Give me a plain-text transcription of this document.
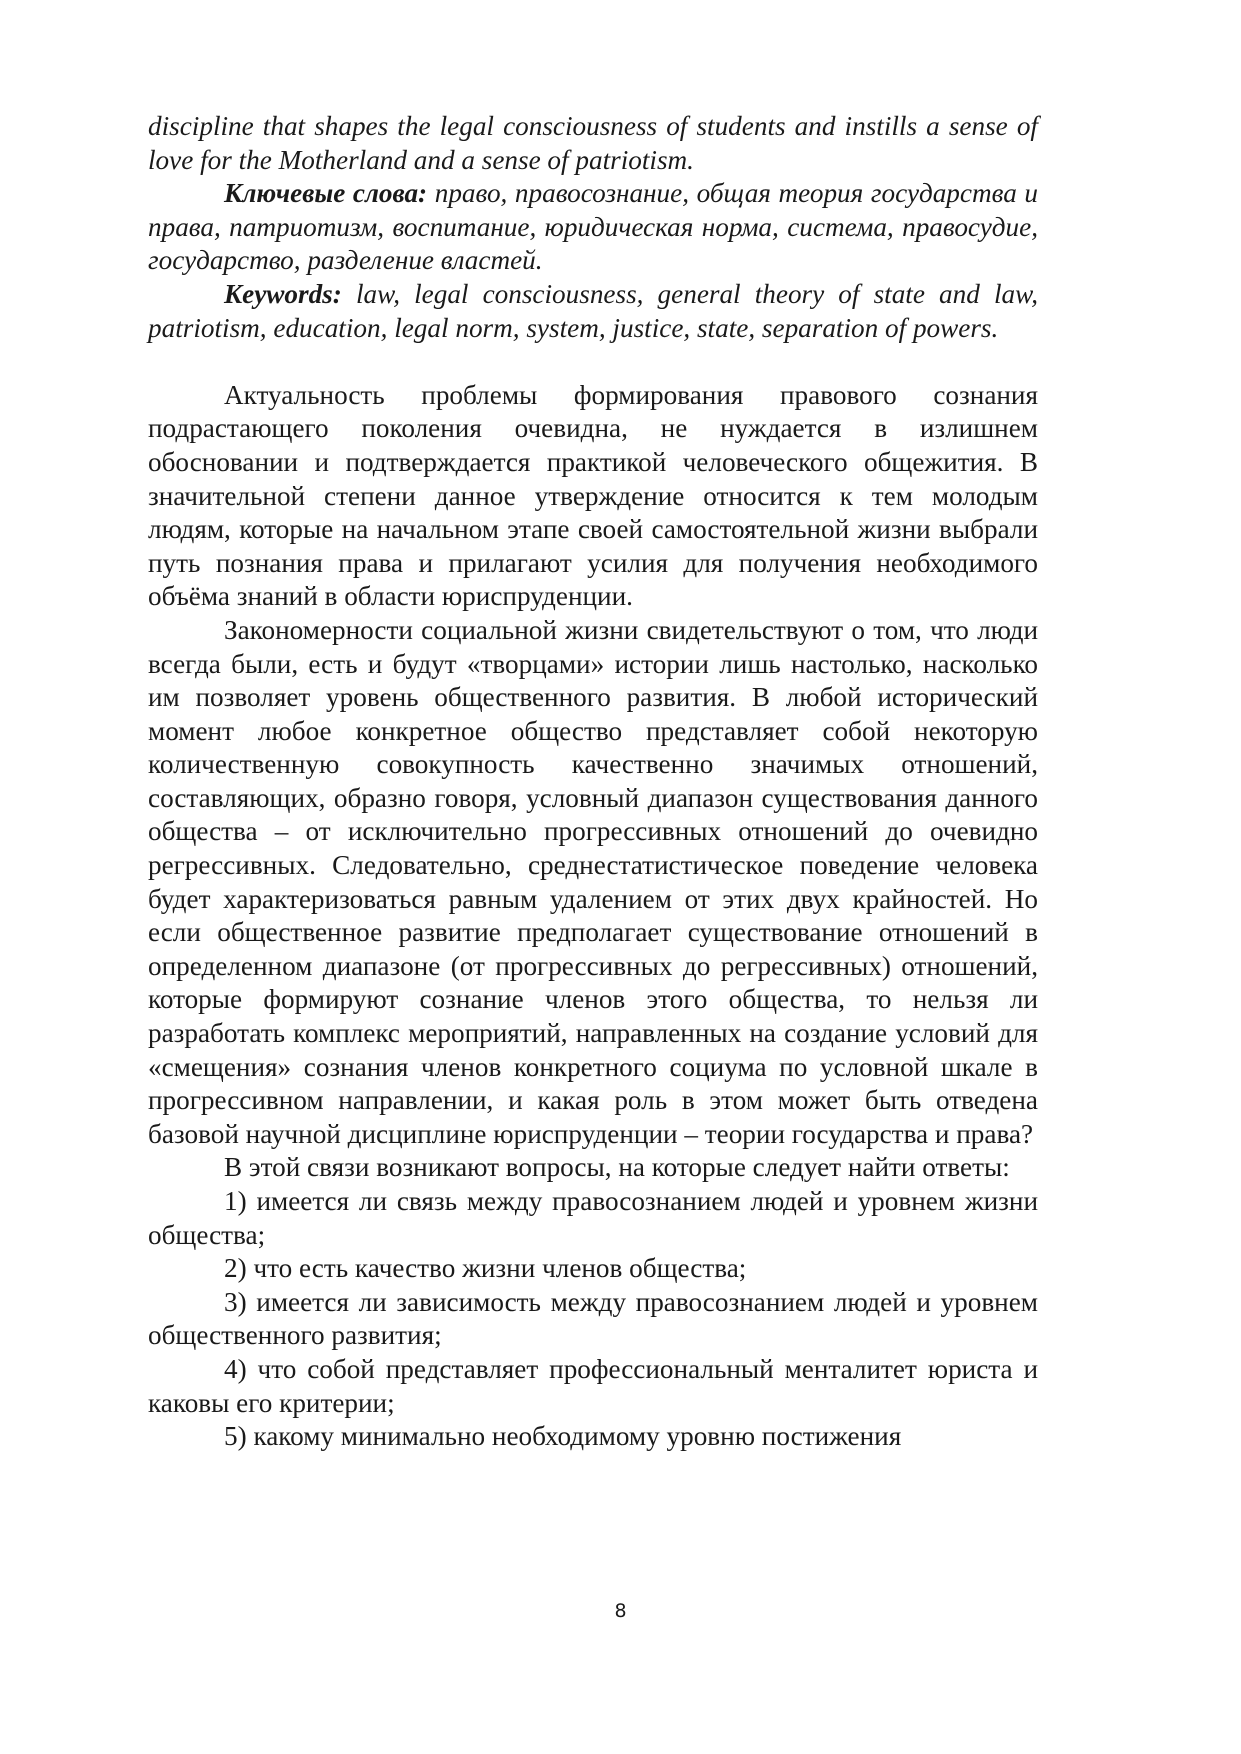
discipline that shapes the legal consciousness of students and instills a sense of love for the Motherland and a sense of patriotism.

Ключевые слова: право, правосознание, общая теория государства и права, патриотизм, воспитание, юридическая норма, система, правосудие, государство, разделение властей.

Keywords: law, legal consciousness, general theory of state and law, patriotism, education, legal norm, system, justice, state, separation of powers.

Актуальность проблемы формирования правового сознания подрастающего поколения очевидна, не нуждается в излишнем обосновании и подтверждается практикой человеческого общежития. В значительной степени данное утверждение относится к тем молодым людям, которые на начальном этапе своей самостоятельной жизни выбрали путь познания права и прилагают усилия для получения необходимого объёма знаний в области юриспруденции.

Закономерности социальной жизни свидетельствуют о том, что люди всегда были, есть и будут «творцами» истории лишь настолько, насколько им позволяет уровень общественного развития. В любой исторический момент любое конкретное общество представляет собой некоторую количественную совокупность качественно значимых отношений, составляющих, образно говоря, условный диапазон существования данного общества – от исключительно прогрессивных отношений до очевидно регрессивных. Следовательно, среднестатистическое поведение человека будет характеризоваться равным удалением от этих двух крайностей. Но если общественное развитие предполагает существование отношений в определенном диапазоне (от прогрессивных до регрессивных) отношений, которые формируют сознание членов этого общества, то нельзя ли разработать комплекс мероприятий, направленных на создание условий для «смещения» сознания членов конкретного социума по условной шкале в прогрессивном направлении, и какая роль в этом может быть отведена базовой научной дисциплине юриспруденции – теории государства и права?

В этой связи возникают вопросы, на которые следует найти ответы:

1) имеется ли связь между правосознанием людей и уровнем жизни общества;

2) что есть качество жизни членов общества;

3) имеется ли зависимость между правосознанием людей и уровнем общественного развития;

4) что собой представляет профессиональный менталитет юриста и каковы его критерии;

5) какому минимально необходимому уровню постижения

8
